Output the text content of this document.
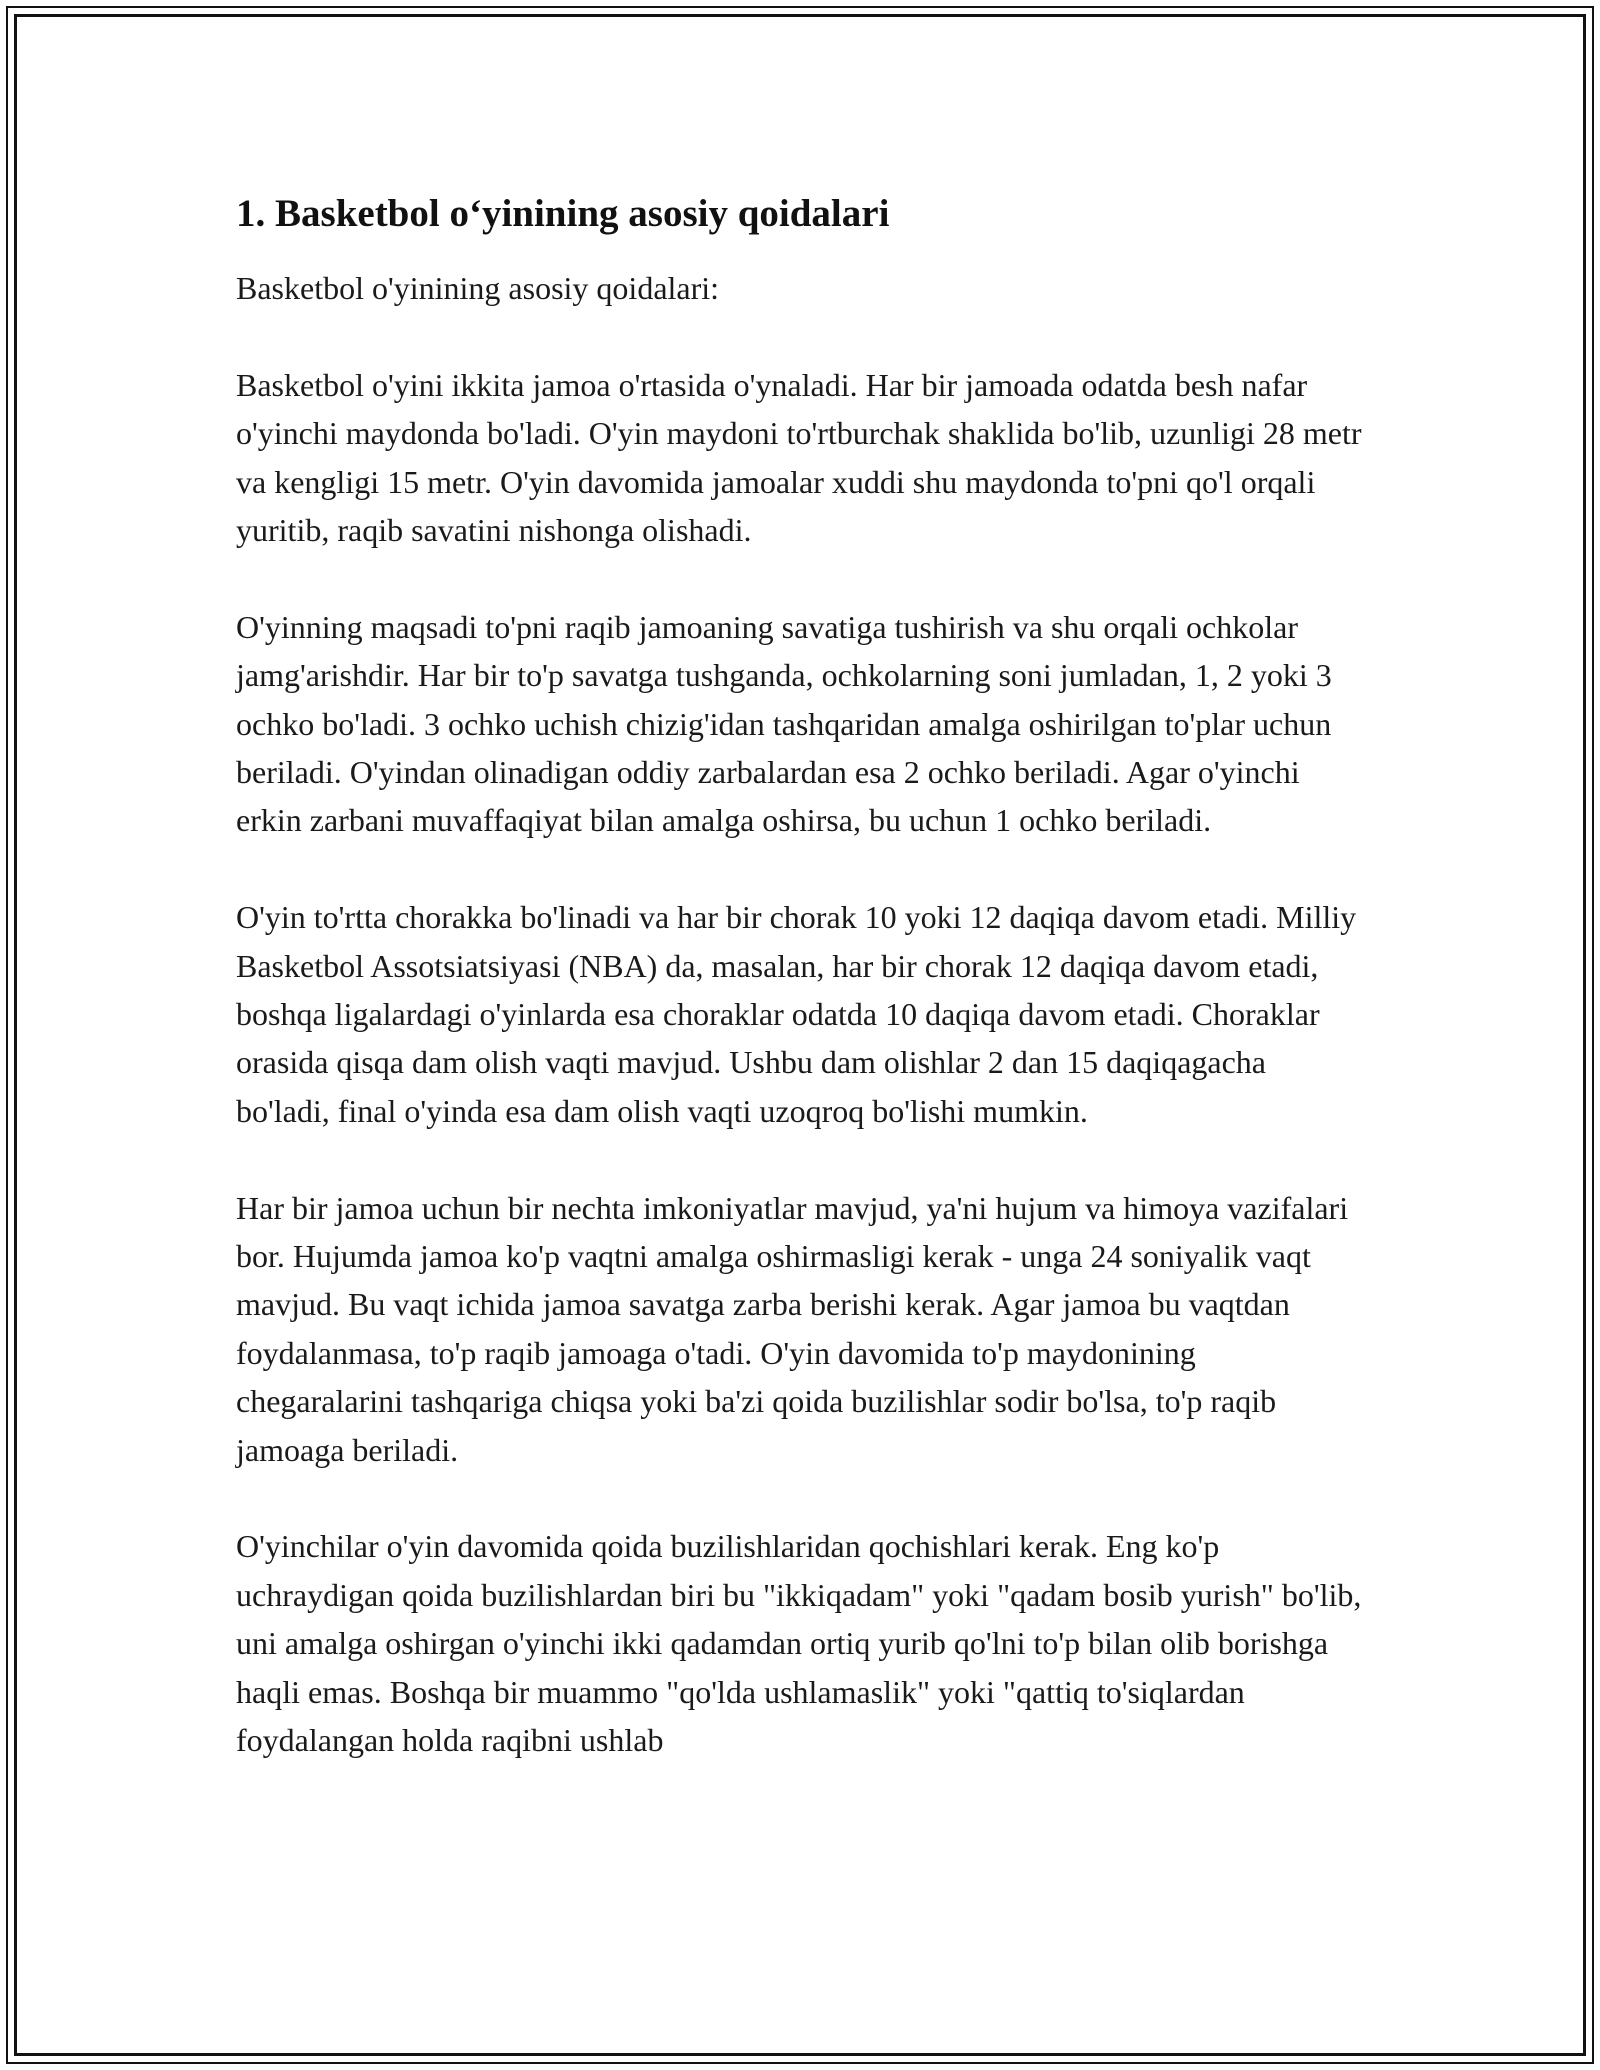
1. Basketbol o‘yinining asosiy qoidalari

Basketbol o'yinining asosiy qoidalari:

Basketbol o'yini ikkita jamoa o'rtasida o'ynaladi. Har bir jamoada odatda besh nafar o'yinchi maydonda bo'ladi. O'yin maydoni to'rtburchak shaklida bo'lib, uzunligi 28 metr va kengligi 15 metr. O'yin davomida jamoalar xuddi shu maydonda to'pni qo'l orqali yuritib, raqib savatini nishonga olishadi.

O'yinning maqsadi to'pni raqib jamoaning savatiga tushirish va shu orqali ochkolar jamg'arishdir. Har bir to'p savatga tushganda, ochkolarning soni jumladan, 1, 2 yoki 3 ochko bo'ladi. 3 ochko uchish chizig'idan tashqaridan amalga oshirilgan to'plar uchun beriladi. O'yindan olinadigan oddiy zarbalardan esa 2 ochko beriladi. Agar o'yinchi erkin zarbani muvaffaqiyat bilan amalga oshirsa, bu uchun 1 ochko beriladi.

O'yin to'rtta chorakka bo'linadi va har bir chorak 10 yoki 12 daqiqa davom etadi. Milliy Basketbol Assotsiatsiyasi (NBA) da, masalan, har bir chorak 12 daqiqa davom etadi, boshqa ligalardagi o'yinlarda esa choraklar odatda 10 daqiqa davom etadi. Choraklar orasida qisqa dam olish vaqti mavjud. Ushbu dam olishlar 2 dan 15 daqiqagacha bo'ladi, final o'yinda esa dam olish vaqti uzoqroq bo'lishi mumkin.

Har bir jamoa uchun bir nechta imkoniyatlar mavjud, ya'ni hujum va himoya vazifalari bor. Hujumda jamoa ko'p vaqtni amalga oshirmasligi kerak - unga 24 soniyalik vaqt mavjud. Bu vaqt ichida jamoa savatga zarba berishi kerak. Agar jamoa bu vaqtdan foydalanmasa, to'p raqib jamoaga o'tadi. O'yin davomida to'p maydonining chegaralarini tashqariga chiqsa yoki ba'zi qoida buzilishlar sodir bo'lsa, to'p raqib jamoaga beriladi.

O'yinchilar o'yin davomida qoida buzilishlaridan qochishlari kerak. Eng ko'p uchraydigan qoida buzilishlardan biri bu "ikkiqadam" yoki "qadam bosib yurish" bo'lib, uni amalga oshirgan o'yinchi ikki qadamdan ortiq yurib qo'lni to'p bilan olib borishga haqli emas. Boshqa bir muammo "qo'lda ushlamaslik" yoki "qattiq to'siqlardan foydalangan holda raqibni ushlab
